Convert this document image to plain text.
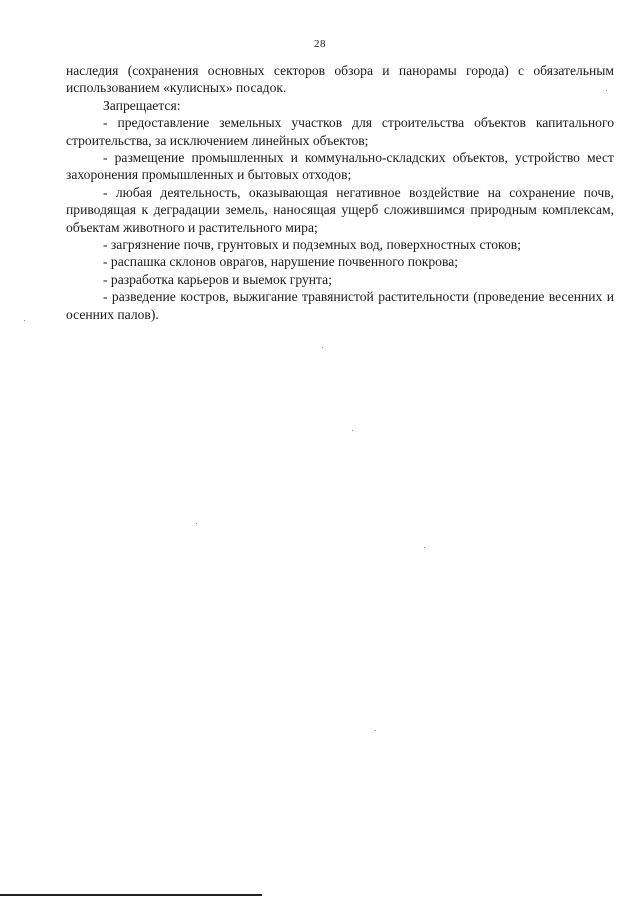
28

наследия (сохранения основных секторов обзора и панорамы города) с обязательным использованием «кулисных» посадок.

Запрещается:

- предоставление земельных участков для строительства объектов капитального строительства, за исключением линейных объектов;

- размещение промышленных и коммунально-складских объектов, устройство мест захоронения промышленных и бытовых отходов;

- любая деятельность, оказывающая негативное воздействие на сохранение почв, приводящая к деградации земель, наносящая ущерб сложившимся природным комплексам, объектам животного и растительного мира;

- загрязнение почв, грунтовых и подземных вод, поверхностных стоков;

- распашка склонов оврагов, нарушение почвенного покрова;

- разработка карьеров и выемок грунта;

- разведение костров, выжигание травянистой растительности (проведение весенних и осенних палов).
